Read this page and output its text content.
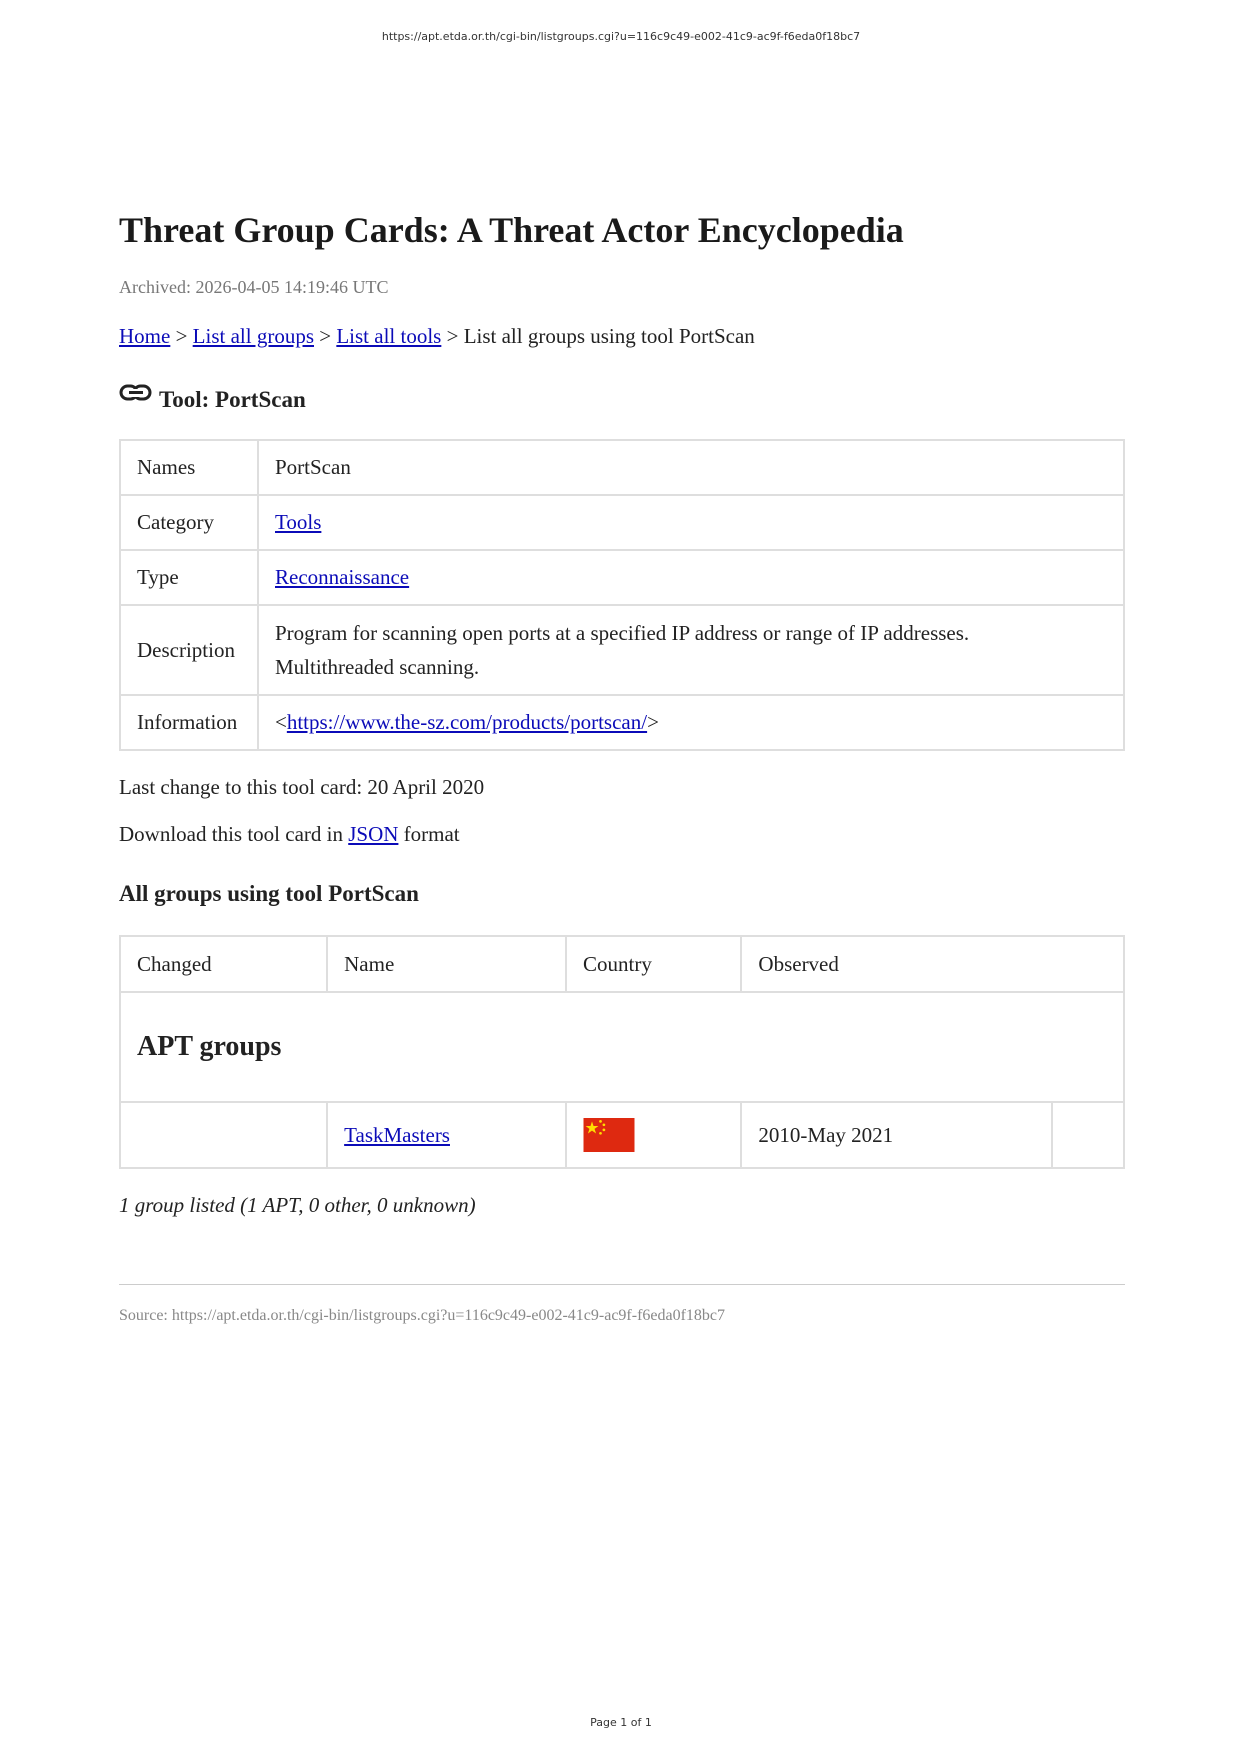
https://apt.etda.or.th/cgi-bin/listgroups.cgi?u=116c9c49-e002-41c9-ac9f-f6eda0f18bc7
Threat Group Cards: A Threat Actor Encyclopedia
Archived: 2026-04-05 14:19:46 UTC
Home > List all groups > List all tools > List all groups using tool PortScan
Tool: PortScan
Names	PortScan
Category	Tools
Type	Reconnaissance
Description	Program for scanning open ports at a specified IP address or range of IP addresses.
Multithreaded scanning.
Information	<https://www.the-sz.com/products/portscan/>
Last change to this tool card: 20 April 2020
Download this tool card in JSON format
All groups using tool PortScan
Changed	Name	Country	Observed	
APT groups				
	TaskMasters		2010-May 2021	
1 group listed (1 APT, 0 other, 0 unknown)
Source: https://apt.etda.or.th/cgi-bin/listgroups.cgi?u=116c9c49-e002-41c9-ac9f-f6eda0f18bc7
Page 1 of 1
